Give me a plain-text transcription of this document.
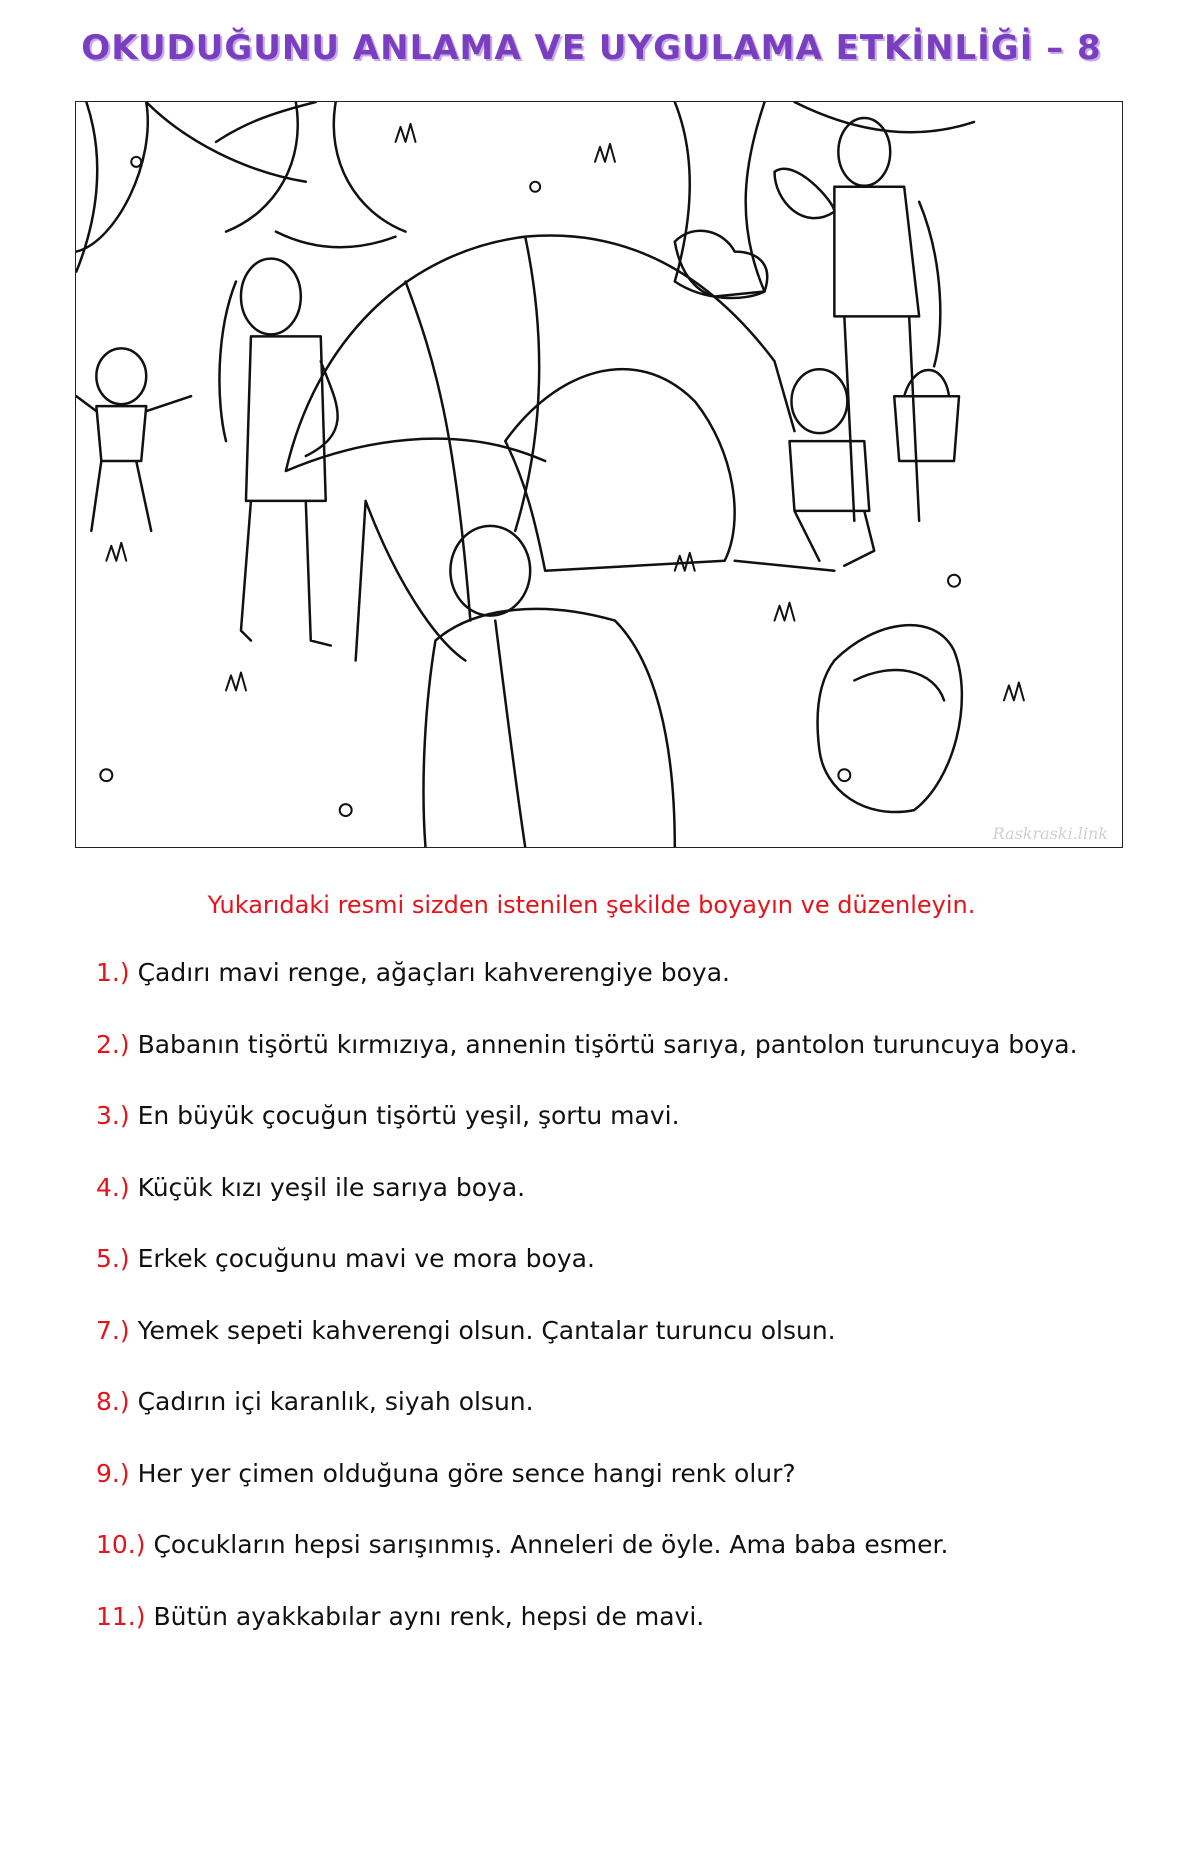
OKUDUĞUNU ANLAMA VE UYGULAMA ETKİNLİĞİ – 8
Raskraski.link
Yukarıdaki resmi sizden istenilen şekilde boyayın ve düzenleyin.
1.) Çadırı mavi renge, ağaçları kahverengiye boya.
2.) Babanın tişörtü kırmızıya, annenin tişörtü sarıya, pantolon turuncuya boya.
3.) En büyük çocuğun tişörtü yeşil, şortu mavi.
4.) Küçük kızı yeşil ile sarıya boya.
5.) Erkek çocuğunu mavi ve mora boya.
7.) Yemek sepeti kahverengi olsun. Çantalar turuncu olsun.
8.) Çadırın içi karanlık, siyah olsun.
9.) Her yer çimen olduğuna göre sence hangi renk olur?
10.) Çocukların hepsi sarışınmış. Anneleri de öyle. Ama baba esmer.
11.) Bütün ayakkabılar aynı renk, hepsi de mavi.
